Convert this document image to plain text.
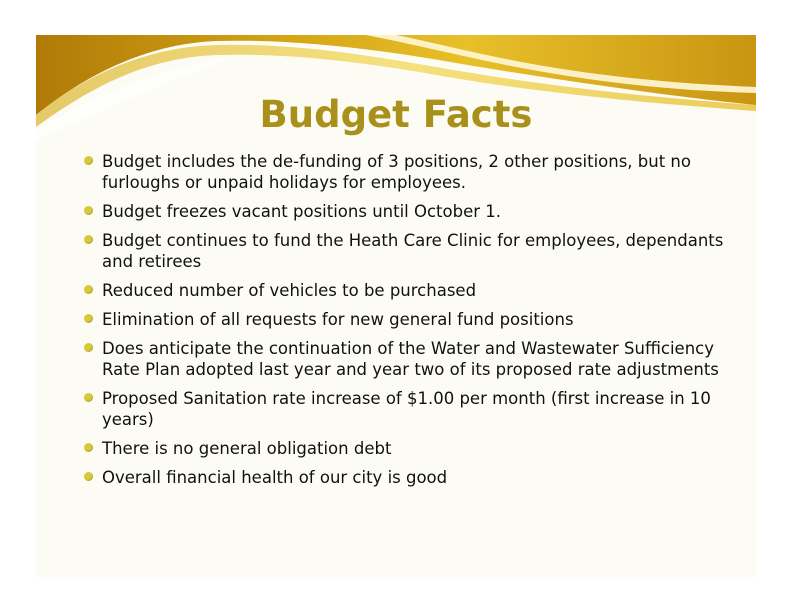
Budget Facts
Budget includes the de-funding of 3 positions, 2 other positions, but no furloughs or unpaid holidays for employees.
Budget freezes vacant positions until October 1.
Budget continues to fund the Heath Care Clinic for employees, dependants and retirees
Reduced number of vehicles to be purchased
Elimination of all requests for new general fund positions
Does anticipate the continuation of the Water and Wastewater Sufficiency Rate Plan adopted last year and year two of its proposed rate adjustments
Proposed Sanitation rate increase of $1.00 per month (first increase in 10 years)
There is no general obligation debt
Overall financial health of our city is good
